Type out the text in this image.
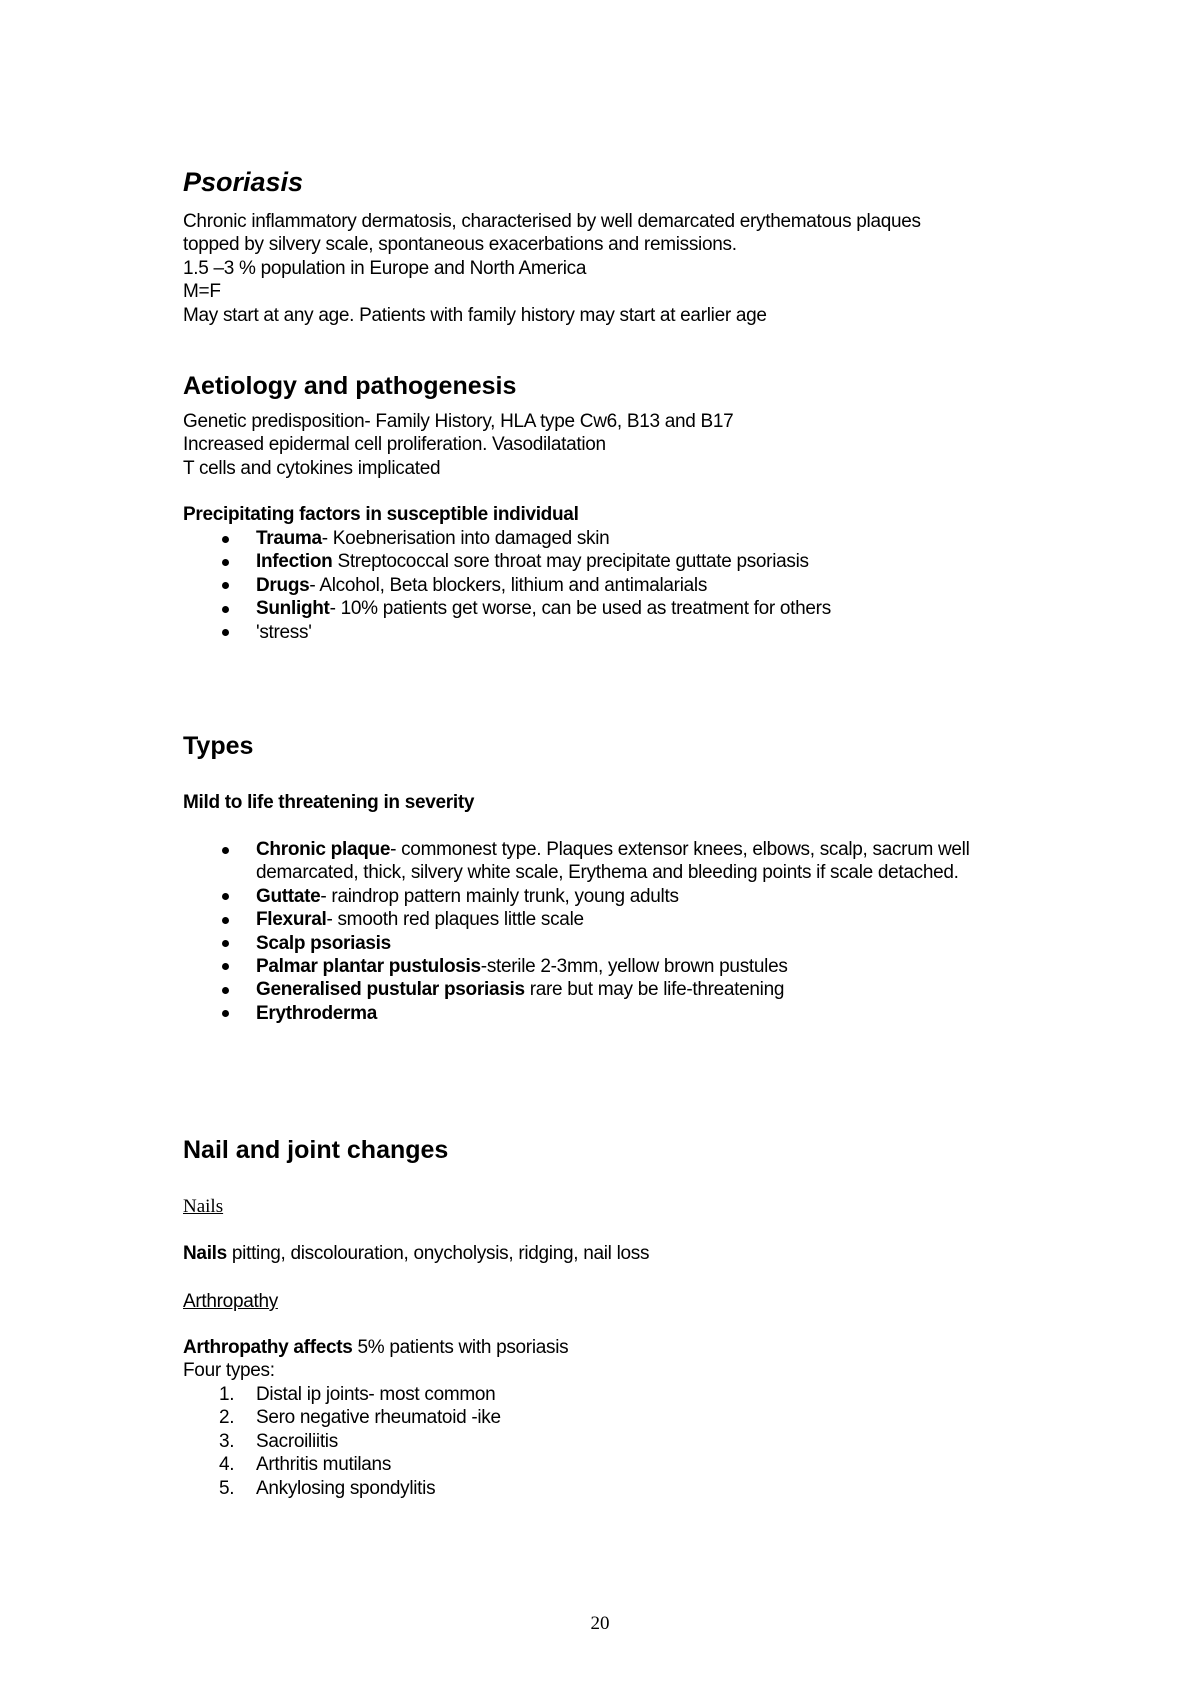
Psoriasis
Chronic inflammatory dermatosis, characterised by well demarcated erythematous plaques
topped by silvery scale, spontaneous exacerbations and remissions.
1.5 –3 % population in Europe and North America
M=F
May start at any age. Patients with family history may start at earlier age
Aetiology and pathogenesis
Genetic predisposition- Family History, HLA type Cw6, B13 and B17
Increased epidermal cell proliferation. Vasodilatation
T cells and cytokines implicated
Precipitating factors in susceptible individual
Trauma- Koebnerisation into damaged skin
Infection Streptococcal sore throat may precipitate guttate psoriasis
Drugs- Alcohol, Beta blockers, lithium and antimalarials
Sunlight- 10% patients get worse, can be used as treatment for others
'stress'
Types
Mild to life threatening in severity
Chronic plaque- commonest type. Plaques extensor knees, elbows, scalp, sacrum well demarcated, thick, silvery white scale, Erythema and bleeding points if scale detached.
Guttate- raindrop pattern mainly trunk, young adults
Flexural- smooth red plaques little scale
Scalp psoriasis
Palmar plantar pustulosis-sterile 2-3mm, yellow brown pustules
Generalised pustular psoriasis rare but may be life-threatening
Erythroderma
Nail and joint changes
Nails
Nails pitting, discolouration, onycholysis, ridging, nail loss
Arthropathy
Arthropathy affects 5% patients with psoriasis
Four types:
1. Distal ip joints- most common
2. Sero negative rheumatoid -ike
3. Sacroiliitis
4. Arthritis mutilans
5. Ankylosing spondylitis
20
